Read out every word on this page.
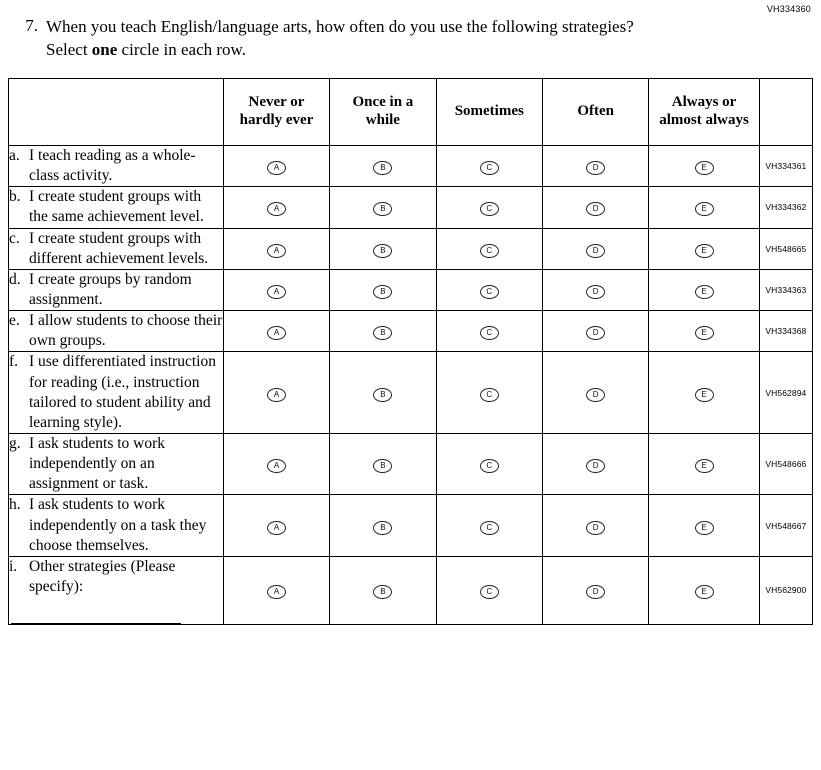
VH334360
7. When you teach English/language arts, how often do you use the following strategies?
Select one circle in each row.
	Never or hardly ever	Once in a while	Sometimes	Often	Always or almost always	

a. I teach reading as a whole-class activity.	A	B	C	D	E	VH334361

b. I create student groups with the same achievement level.	A	B	C	D	E	VH334362

c. I create student groups with different achievement levels.	A	B	C	D	E	VH548665

d. I create groups by random assignment.	A	B	C	D	E	VH334363

e. I allow students to choose their own groups.	A	B	C	D	E	VH334368

f. I use differentiated instruction for reading (i.e., instruction tailored to student ability and learning style).	A	B	C	D	E	VH562894

g. I ask students to work independently on an assignment or task.	A	B	C	D	E	VH548666

h. I ask students to work independently on a task they choose themselves.	A	B	C	D	E	VH548667

i. Other strategies (Please specify):	A	B	C	D	E	VH562900
